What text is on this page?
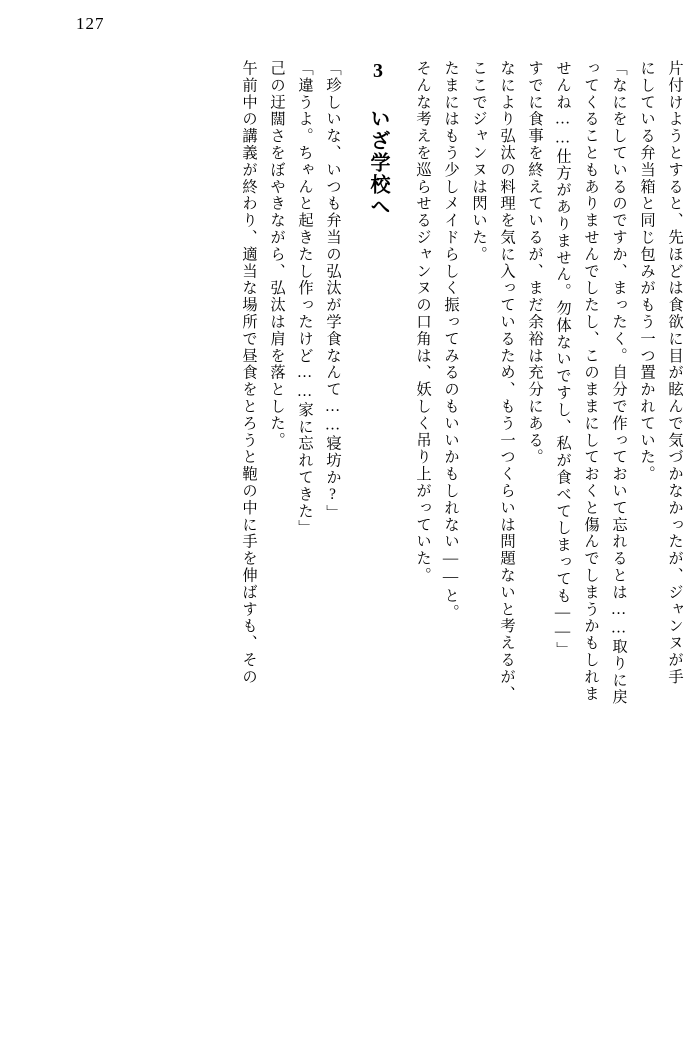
127
片付けようとすると、先ほどは食欲に目が眩んで気づかなかったが、ジャンヌが手
にしている弁当箱と同じ包みがもう一つ置かれていた。
「なにをしているのですか、まったく。自分で作っておいて忘れるとは……取りに戻
ってくることもありませんでしたし、このままにしておくと傷んでしまうかもしれま
せんね……仕方がありません。勿体ないですし、私が食べてしまっても――」
すでに食事を終えているが、まだ余裕は充分にある。
なにより弘汰の料理を気に入っているため、もう一つくらいは問題ないと考えるが、
ここでジャンヌは閃いた。
たまにはもう少しメイドらしく振ってみるのもいいかもしれない――と。
そんな考えを巡らせるジャンヌの口角は、妖しく吊り上がっていた。
3 いざ学校へ
「珍しいな、いつも弁当の弘汰が学食なんて……寝坊か?」
「違うよ。ちゃんと起きたし作ったけど……家に忘れてきた」
己の迂闊さをぼやきながら、弘汰は肩を落とした。
午前中の講義が終わり、適当な場所で昼食をとろうと鞄の中に手を伸ばすも、その
